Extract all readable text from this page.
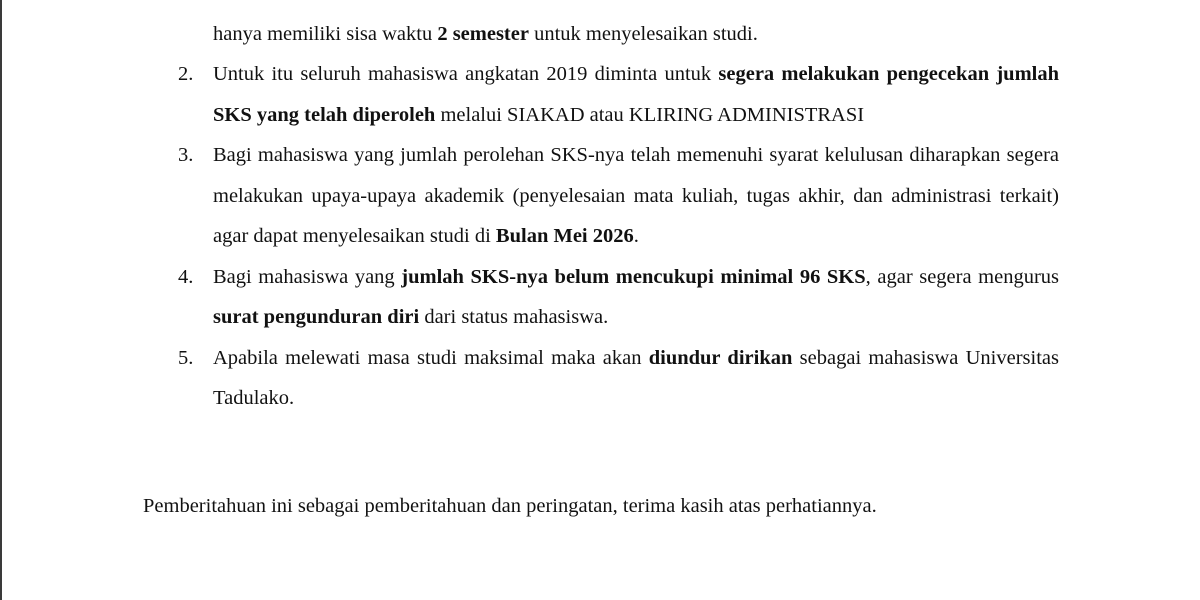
hanya memiliki sisa waktu 2 semester untuk menyelesaikan studi.
2. Untuk itu seluruh mahasiswa angkatan 2019 diminta untuk segera melakukan pengecekan jumlah SKS yang telah diperoleh melalui SIAKAD atau KLIRING ADMINISTRASI
3. Bagi mahasiswa yang jumlah perolehan SKS-nya telah memenuhi syarat kelulusan diharapkan segera melakukan upaya-upaya akademik (penyelesaian mata kuliah, tugas akhir, dan administrasi terkait) agar dapat menyelesaikan studi di Bulan Mei 2026.
4. Bagi mahasiswa yang jumlah SKS-nya belum mencukupi minimal 96 SKS, agar segera mengurus surat pengunduran diri dari status mahasiswa.
5. Apabila melewati masa studi maksimal maka akan diundur dirikan sebagai mahasiswa Universitas Tadulako.
Pemberitahuan ini sebagai pemberitahuan dan peringatan, terima kasih atas perhatiannya.
